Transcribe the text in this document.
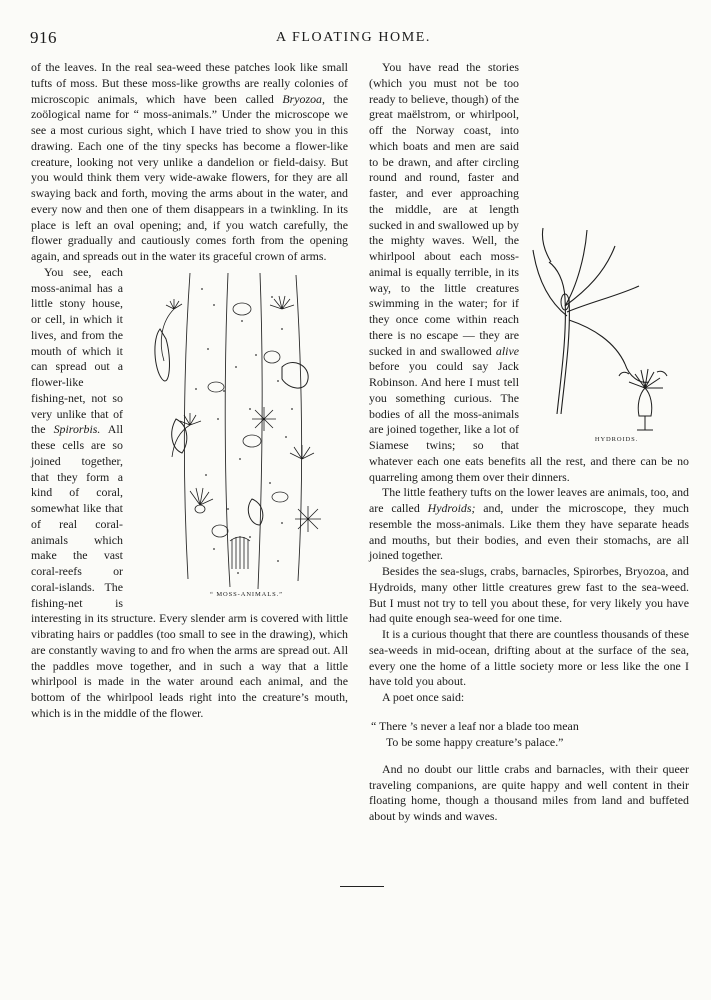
916	A FLOATING HOME.

of the leaves. In the real sea-weed these patches look like small tufts of moss. But these moss-like growths are really colonies of microscopic animals, which have been called Bryozoa, the zoölogical name for “ moss-animals.” Under the microscope we see a most curious sight, which I have tried to show you in this drawing. Each one of the tiny specks has become a flower-like creature, looking not very unlike a dandelion or field-daisy. But you would think them very wide-awake flowers, for they are all swaying back and forth, moving the arms about in the water, and every now and then one of them disappears in a twinkling. In its place is left an oval opening; and, if you watch carefully, the flower gradually and cautiously comes forth from the opening again, and spreads out in the water its graceful crown of arms.

“ MOSS-ANIMALS.”
You see, each moss-animal has a little stony house, or cell, in which it lives, and from the mouth of which it can spread out a flower-like fishing-net, not so very unlike that of the Spirorbis. All these cells are so joined together, that they form a kind of coral, somewhat like that of real coral-animals which make the vast coral-reefs or coral-islands. The fishing-net is interesting in its structure. Every slender arm is covered with little vibrating hairs or paddles (too small to see in the drawing), which are constantly waving to and fro when the arms are spread out. All the paddles move together, and in such a way that a little whirlpool is made in the water around each animal, and the bottom of the whirlpool leads right into the creature’s mouth, which is in the middle of the flower.

HYDROIDS.
You have read the stories (which you must not be too ready to believe, though) of the great maëlstrom, or whirlpool, off the Norway coast, into which boats and men are said to be drawn, and after circling round and round, faster and faster, and ever approaching the middle, are at length sucked in and swallowed up by the mighty waves. Well, the whirlpool about each moss-animal is equally terrible, in its way, to the little creatures swimming in the water; for if they once come within reach there is no escape — they are sucked in and swallowed alive before you could say Jack Robinson. And here I must tell you something curious. The bodies of all the moss-animals are joined together, like a lot of Siamese twins; so that whatever each one eats benefits all the rest, and there can be no quarreling among them over their dinners.

The little feathery tufts on the lower leaves are animals, too, and are called Hydroids; and, under the microscope, they much resemble the moss-animals. Like them they have separate heads and mouths, but their bodies, and even their stomachs, are all joined together.

Besides the sea-slugs, crabs, barnacles, Spirorbes, Bryozoa, and Hydroids, many other little creatures grew fast to the sea-weed. But I must not try to tell you about these, for very likely you have had quite enough sea-weed for one time.

It is a curious thought that there are countless thousands of these sea-weeds in mid-ocean, drifting about at the surface of the sea, every one the home of a little society more or less like the one I have told you about.

A poet once said:

“ There ’s never a leaf nor a blade too mean
To be some happy creature’s palace.”

And no doubt our little crabs and barnacles, with their queer traveling companions, are quite happy and well content in their floating home, though a thousand miles from land and buffeted about by winds and waves.
